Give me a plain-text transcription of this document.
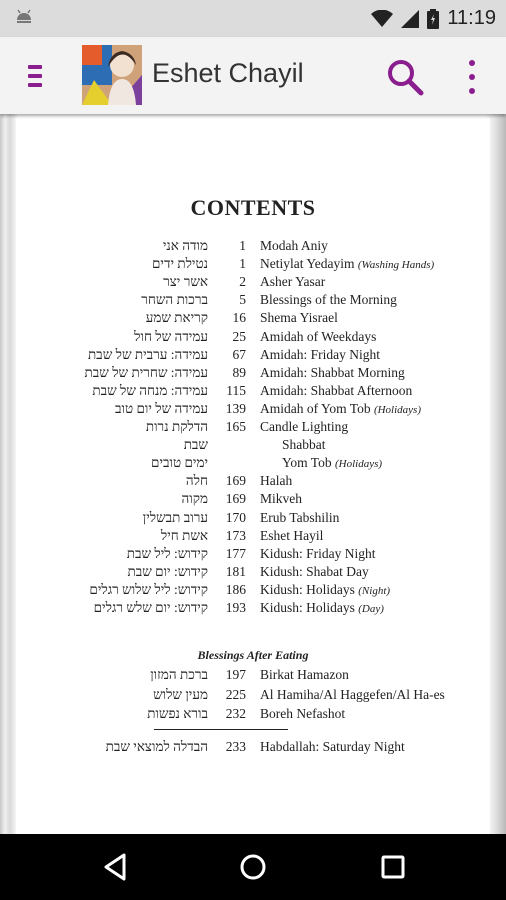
11:19
Eshet Chayil
CONTENTS
Blessings After Eating
מודה אני 1 Modah Aniy
נטילת ידים 1 Netiylat Yedayim (Washing Hands)
אשר יצר 2 Asher Yasar
ברכות השחר 5 Blessings of the Morning
קריאת שמע 16 Shema Yisrael
עמידה של חול 25 Amidah of Weekdays
עמידה: ערבית של שבת 67 Amidah: Friday Night
עמידה: שחרית של שבת 89 Amidah: Shabbat Morning
עמידה: מנחה של שבת 115 Amidah: Shabbat Afternoon
עמידה של יום טוב 139 Amidah of Yom Tob (Holidays)
הדלקת נרות 165 Candle Lighting
שבת	Shabbat
ימים טובים	Yom Tob (Holidays)
חלה 169 Halah
מקוה 169 Mikveh
ערוב תבשלין 170 Erub Tabshilin
אשת חיל 173 Eshet Hayil
קידוש: ליל שבת 177 Kidush: Friday Night
קידוש: יום שבת 181 Kidush: Shabat Day
קידוש: ליל שלוש רגלים 186 Kidush: Holidays (Night)
קידוש: יום שלש רגלים 193 Kidush: Holidays (Day)
ברכת המזון 197 Birkat Hamazon
מעין שלוש 225 Al Hamiha/Al Haggefen/Al Ha-es
בורא נפשות 232 Boreh Nefashot
הבדלה למוצאי שבת 233 Habdallah: Saturday Night
